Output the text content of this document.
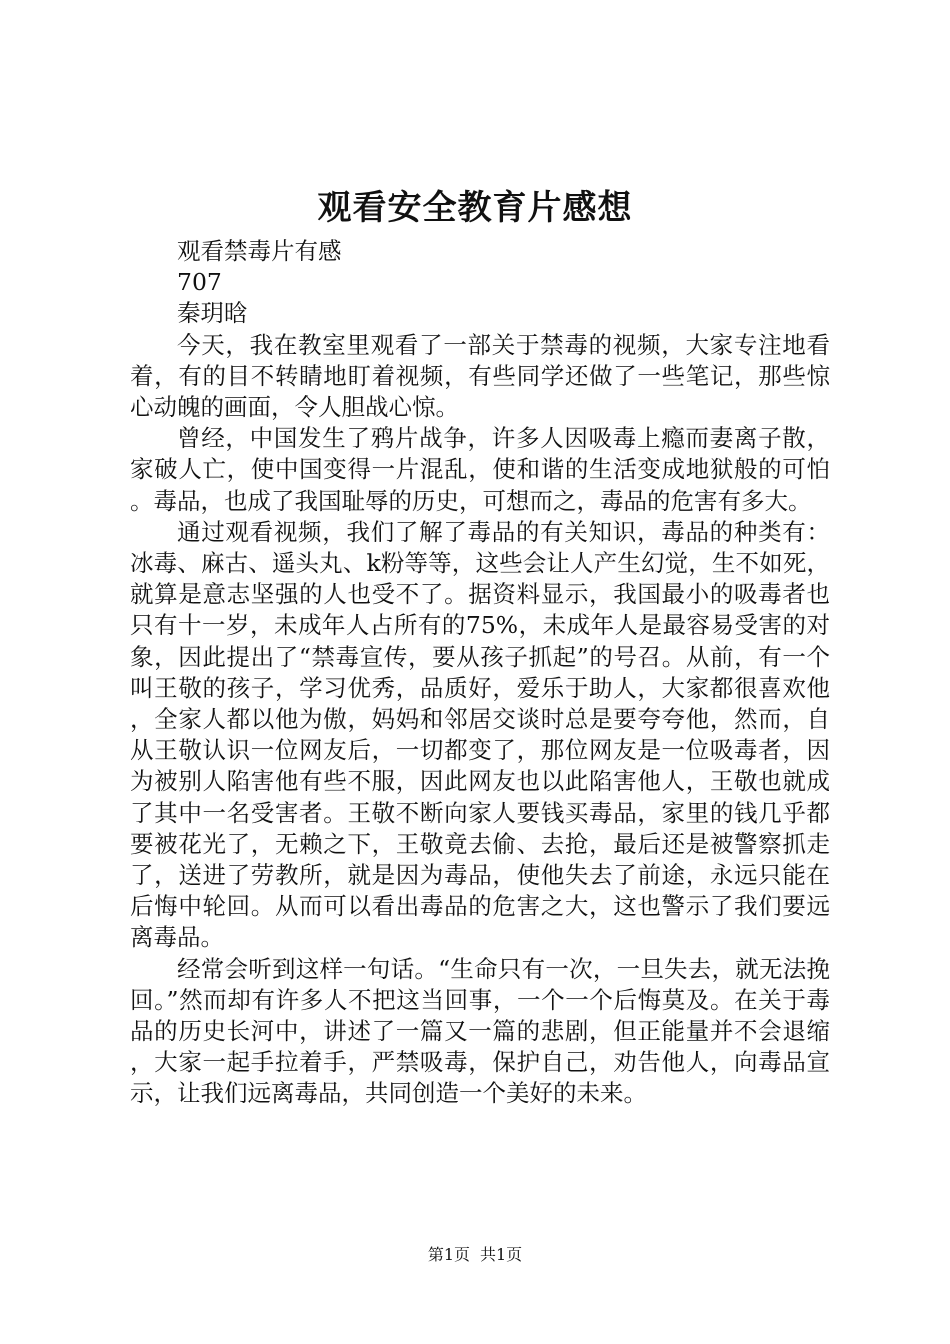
观看安全教育片感想

观看禁毒片有感

707

秦玥晗

今天，我在教室里观看了一部关于禁毒的视频，大家专注地看着，有的目不转睛地盯着视频，有些同学还做了一些笔记，那些惊心动魄的画面，令人胆战心惊。

曾经，中国发生了鸦片战争，许多人因吸毒上瘾而妻离子散，家破人亡，使中国变得一片混乱，使和谐的生活变成地狱般的可怕。毒品，也成了我国耻辱的历史，可想而之，毒品的危害有多大。

通过观看视频，我们了解了毒品的有关知识，毒品的种类有：冰毒、麻古、遥头丸、k粉等等，这些会让人产生幻觉，生不如死，就算是意志坚强的人也受不了。据资料显示，我国最小的吸毒者也只有十一岁，未成年人占所有的75%，未成年人是最容易受害的对象，因此提出了“禁毒宣传，要从孩子抓起”的号召。从前，有一个叫王敬的孩子，学习优秀，品质好，爱乐于助人，大家都很喜欢他，全家人都以他为傲，妈妈和邻居交谈时总是要夸夸他，然而，自从王敬认识一位网友后，一切都变了，那位网友是一位吸毒者，因为被别人陷害他有些不服，因此网友也以此陷害他人，王敬也就成了其中一名受害者。王敬不断向家人要钱买毒品，家里的钱几乎都要被花光了，无赖之下，王敬竟去偷、去抢，最后还是被警察抓走了，送进了劳教所，就是因为毒品，使他失去了前途，永远只能在后悔中轮回。从而可以看出毒品的危害之大，这也警示了我们要远离毒品。

经常会听到这样一句话。“生命只有一次，一旦失去，就无法挽回。”然而却有许多人不把这当回事，一个一个后悔莫及。在关于毒品的历史长河中，讲述了一篇又一篇的悲剧，但正能量并不会退缩，大家一起手拉着手，严禁吸毒，保护自己，劝告他人，向毒品宣示，让我们远离毒品，共同创造一个美好的未来。

第1页 共1页
